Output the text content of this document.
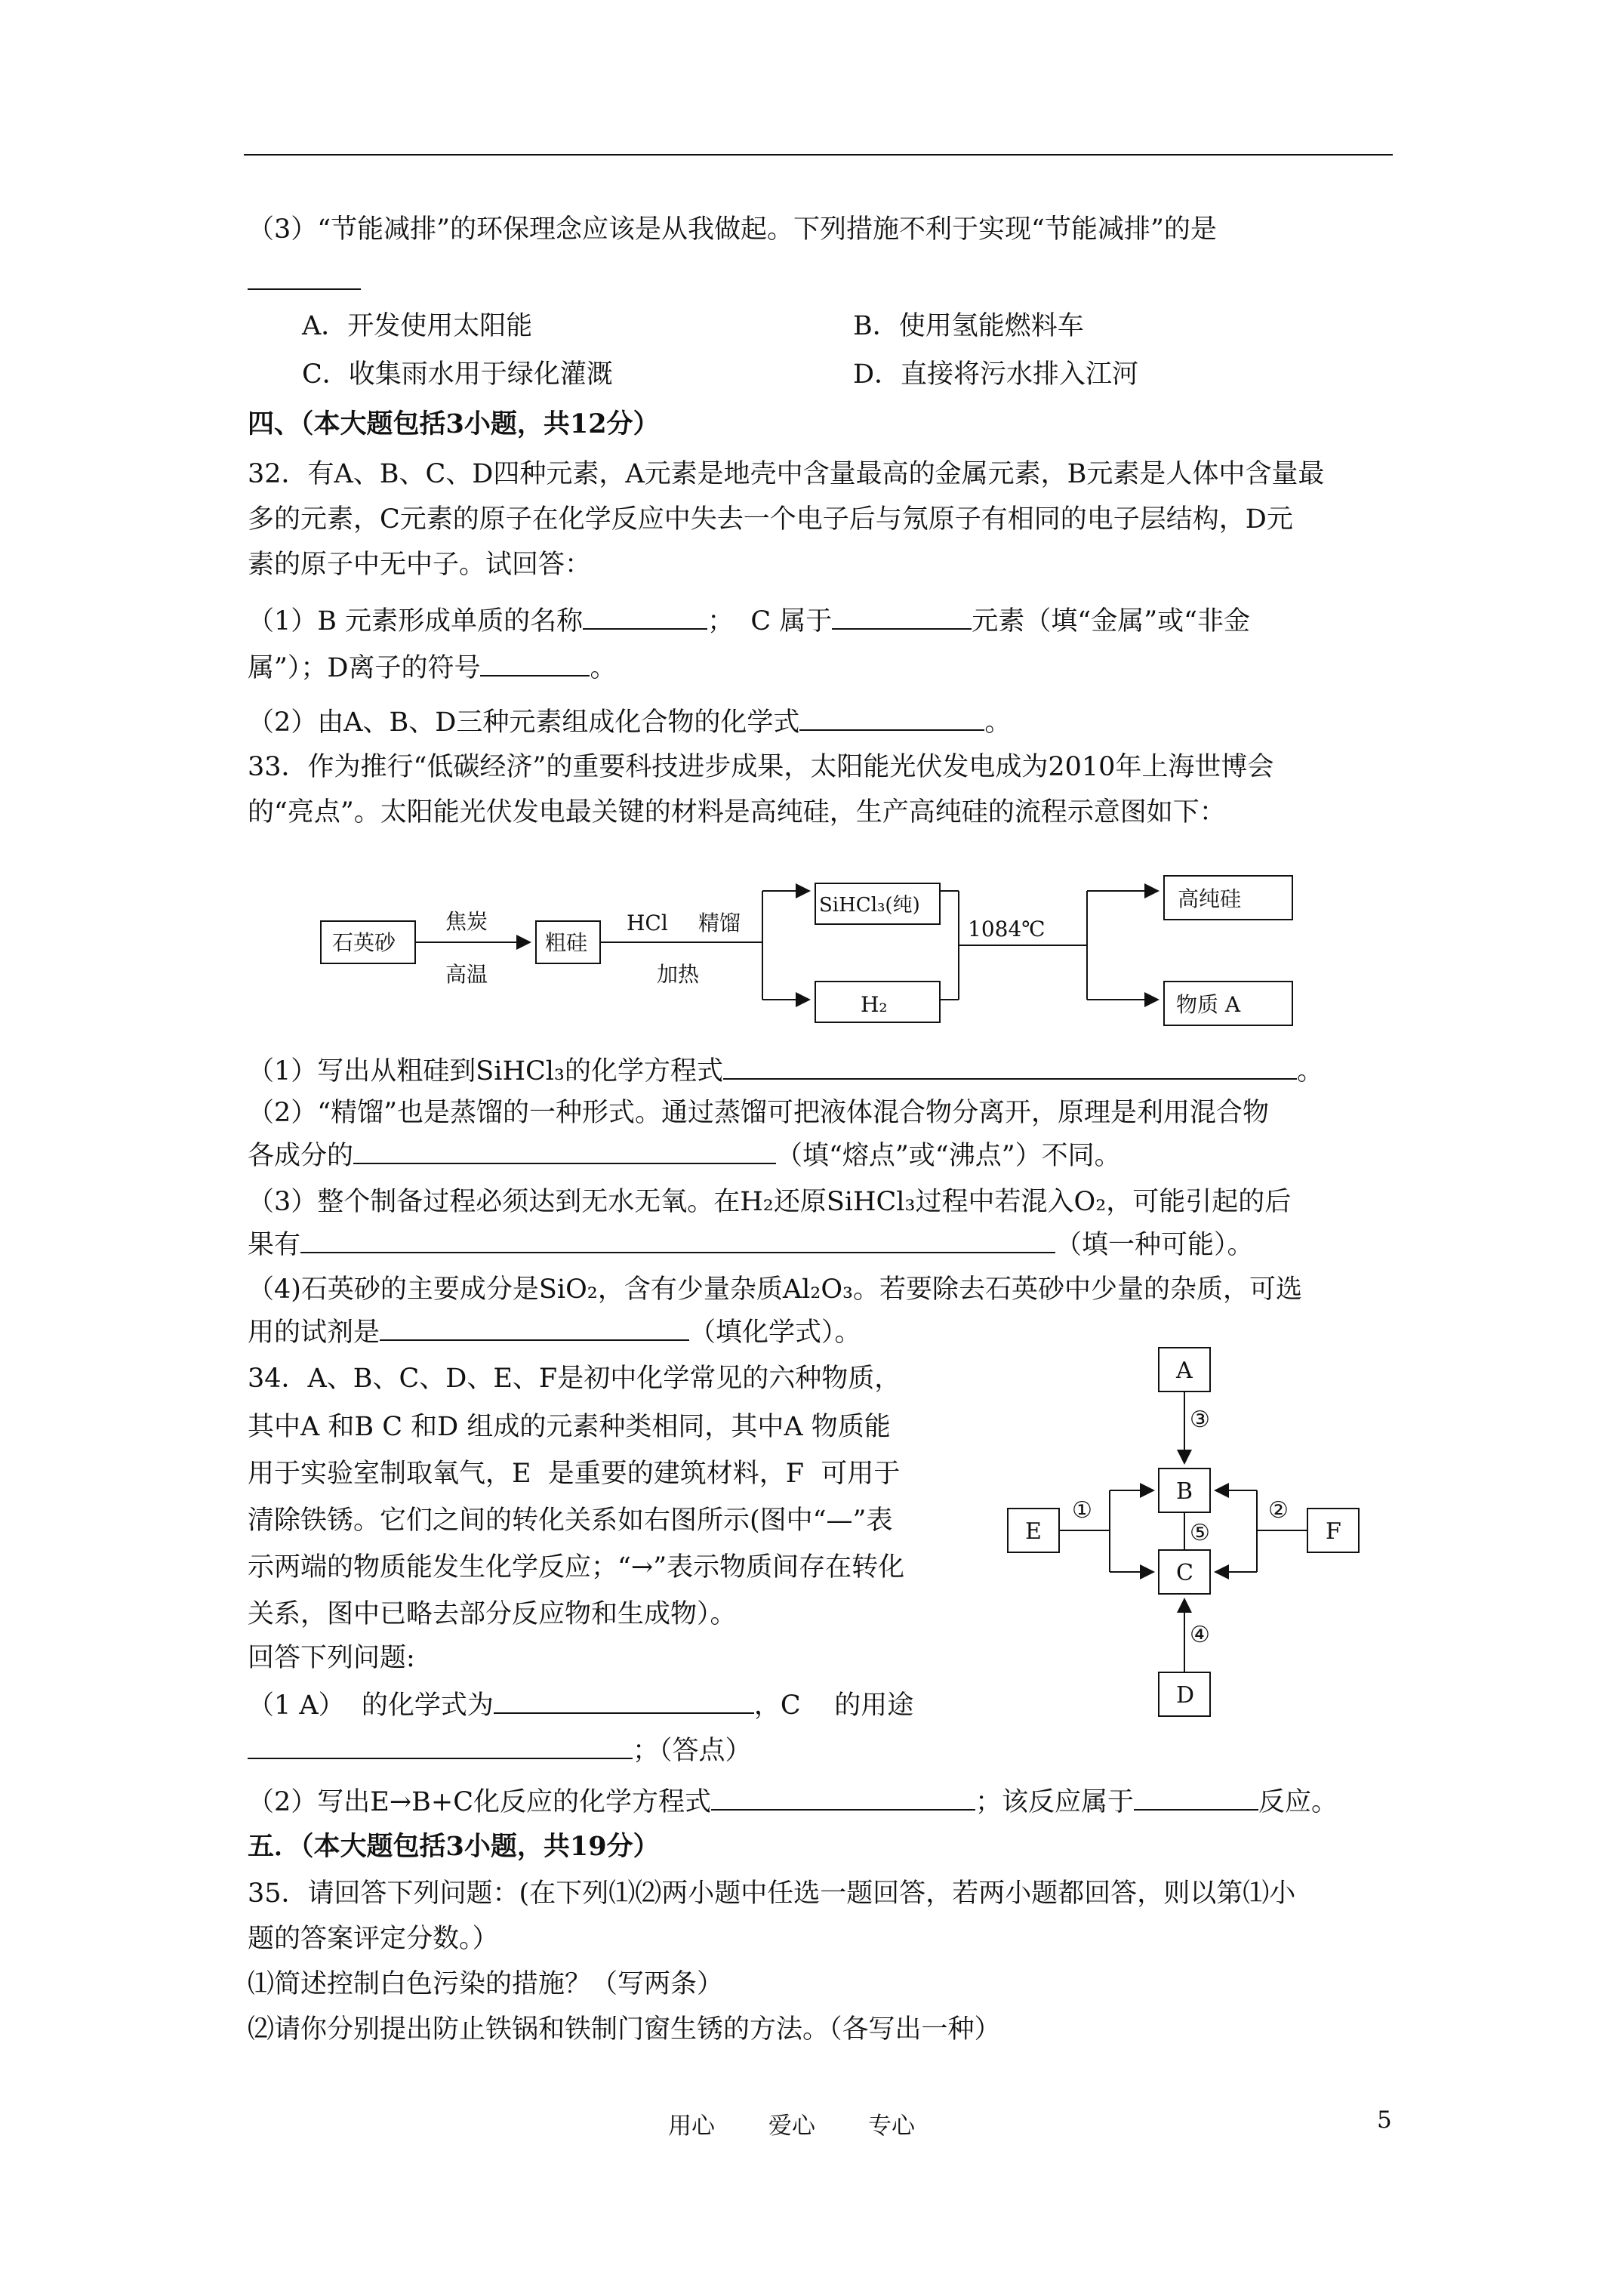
（3）“节能减排”的环保理念应该是从我做起。下列措施不利于实现“节能减排”的是
A．开发使用太阳能	B．使用氢能燃料车
C．收集雨水用于绿化灌溉	D．直接将污水排入江河
四、（本大题包括3小题，共12分）
32．有A、B、C、D四种元素，A元素是地壳中含量最高的金属元素，B元素是人体中含量最
多的元素，C元素的原子在化学反应中失去一个电子后与氖原子有相同的电子层结构，D元
素的原子中无中子。试回答：
（1）B 元素形成单质的名称	；  C 属于	元素（填“金属”或“非金
属”）；D离子的符号	。
（2）由A、B、D三种元素组成化合物的化学式	。
33．作为推行“低碳经济”的重要科技进步成果，太阳能光伏发电成为2010年上海世博会
的“亮点”。太阳能光伏发电最关键的材料是高纯硅，生产高纯硅的流程示意图如下：
石英砂
焦炭
高温
粗硅
HCl 精馏
加热
SiHCl₃(纯)
H₂
1084℃
高纯硅
物质 A
（1）写出从粗硅到SiHCl₃的化学方程式	。
（2）“精馏”也是蒸馏的一种形式。通过蒸馏可把液体混合物分离开，原理是利用混合物
各成分的	（填“熔点”或“沸点”）不同。
（3）整个制备过程必须达到无水无氧。在H₂还原SiHCl₃过程中若混入O₂，可能引起的后
果有	（填一种可能）。
（4)石英砂的主要成分是SiO₂，含有少量杂质Al₂O₃。若要除去石英砂中少量的杂质，可选
用的试剂是	（填化学式）。
34．A、B、C、D、E、F是初中化学常见的六种物质，
其中A 和B C 和D 组成的元素种类相同，其中A 物质能
用于实验室制取氧气，E  是重要的建筑材料，F  可用于
清除铁锈。它们之间的转化关系如右图所示(图中“—”表
示两端的物质能发生化学反应；“→”表示物质间存在转化
关系，图中已略去部分反应物和生成物）。
回答下列问题:
A
B
C
D
E	F
①	②
③
④
⑤
（1 A）  的化学式为	，C    的用途
；（答点）
（2）写出E→B+C化反应的化学方程式	；该反应属于	反应。
五．（本大题包括3小题，共19分）
35．请回答下列问题：(在下列⑴⑵两小题中任选一题回答，若两小题都回答，则以第⑴小
题的答案评定分数。）
⑴简述控制白色污染的措施？（写两条）
⑵请你分别提出防止铁锅和铁制门窗生锈的方法。（各写出一种）
用心 爱心 专心	5
